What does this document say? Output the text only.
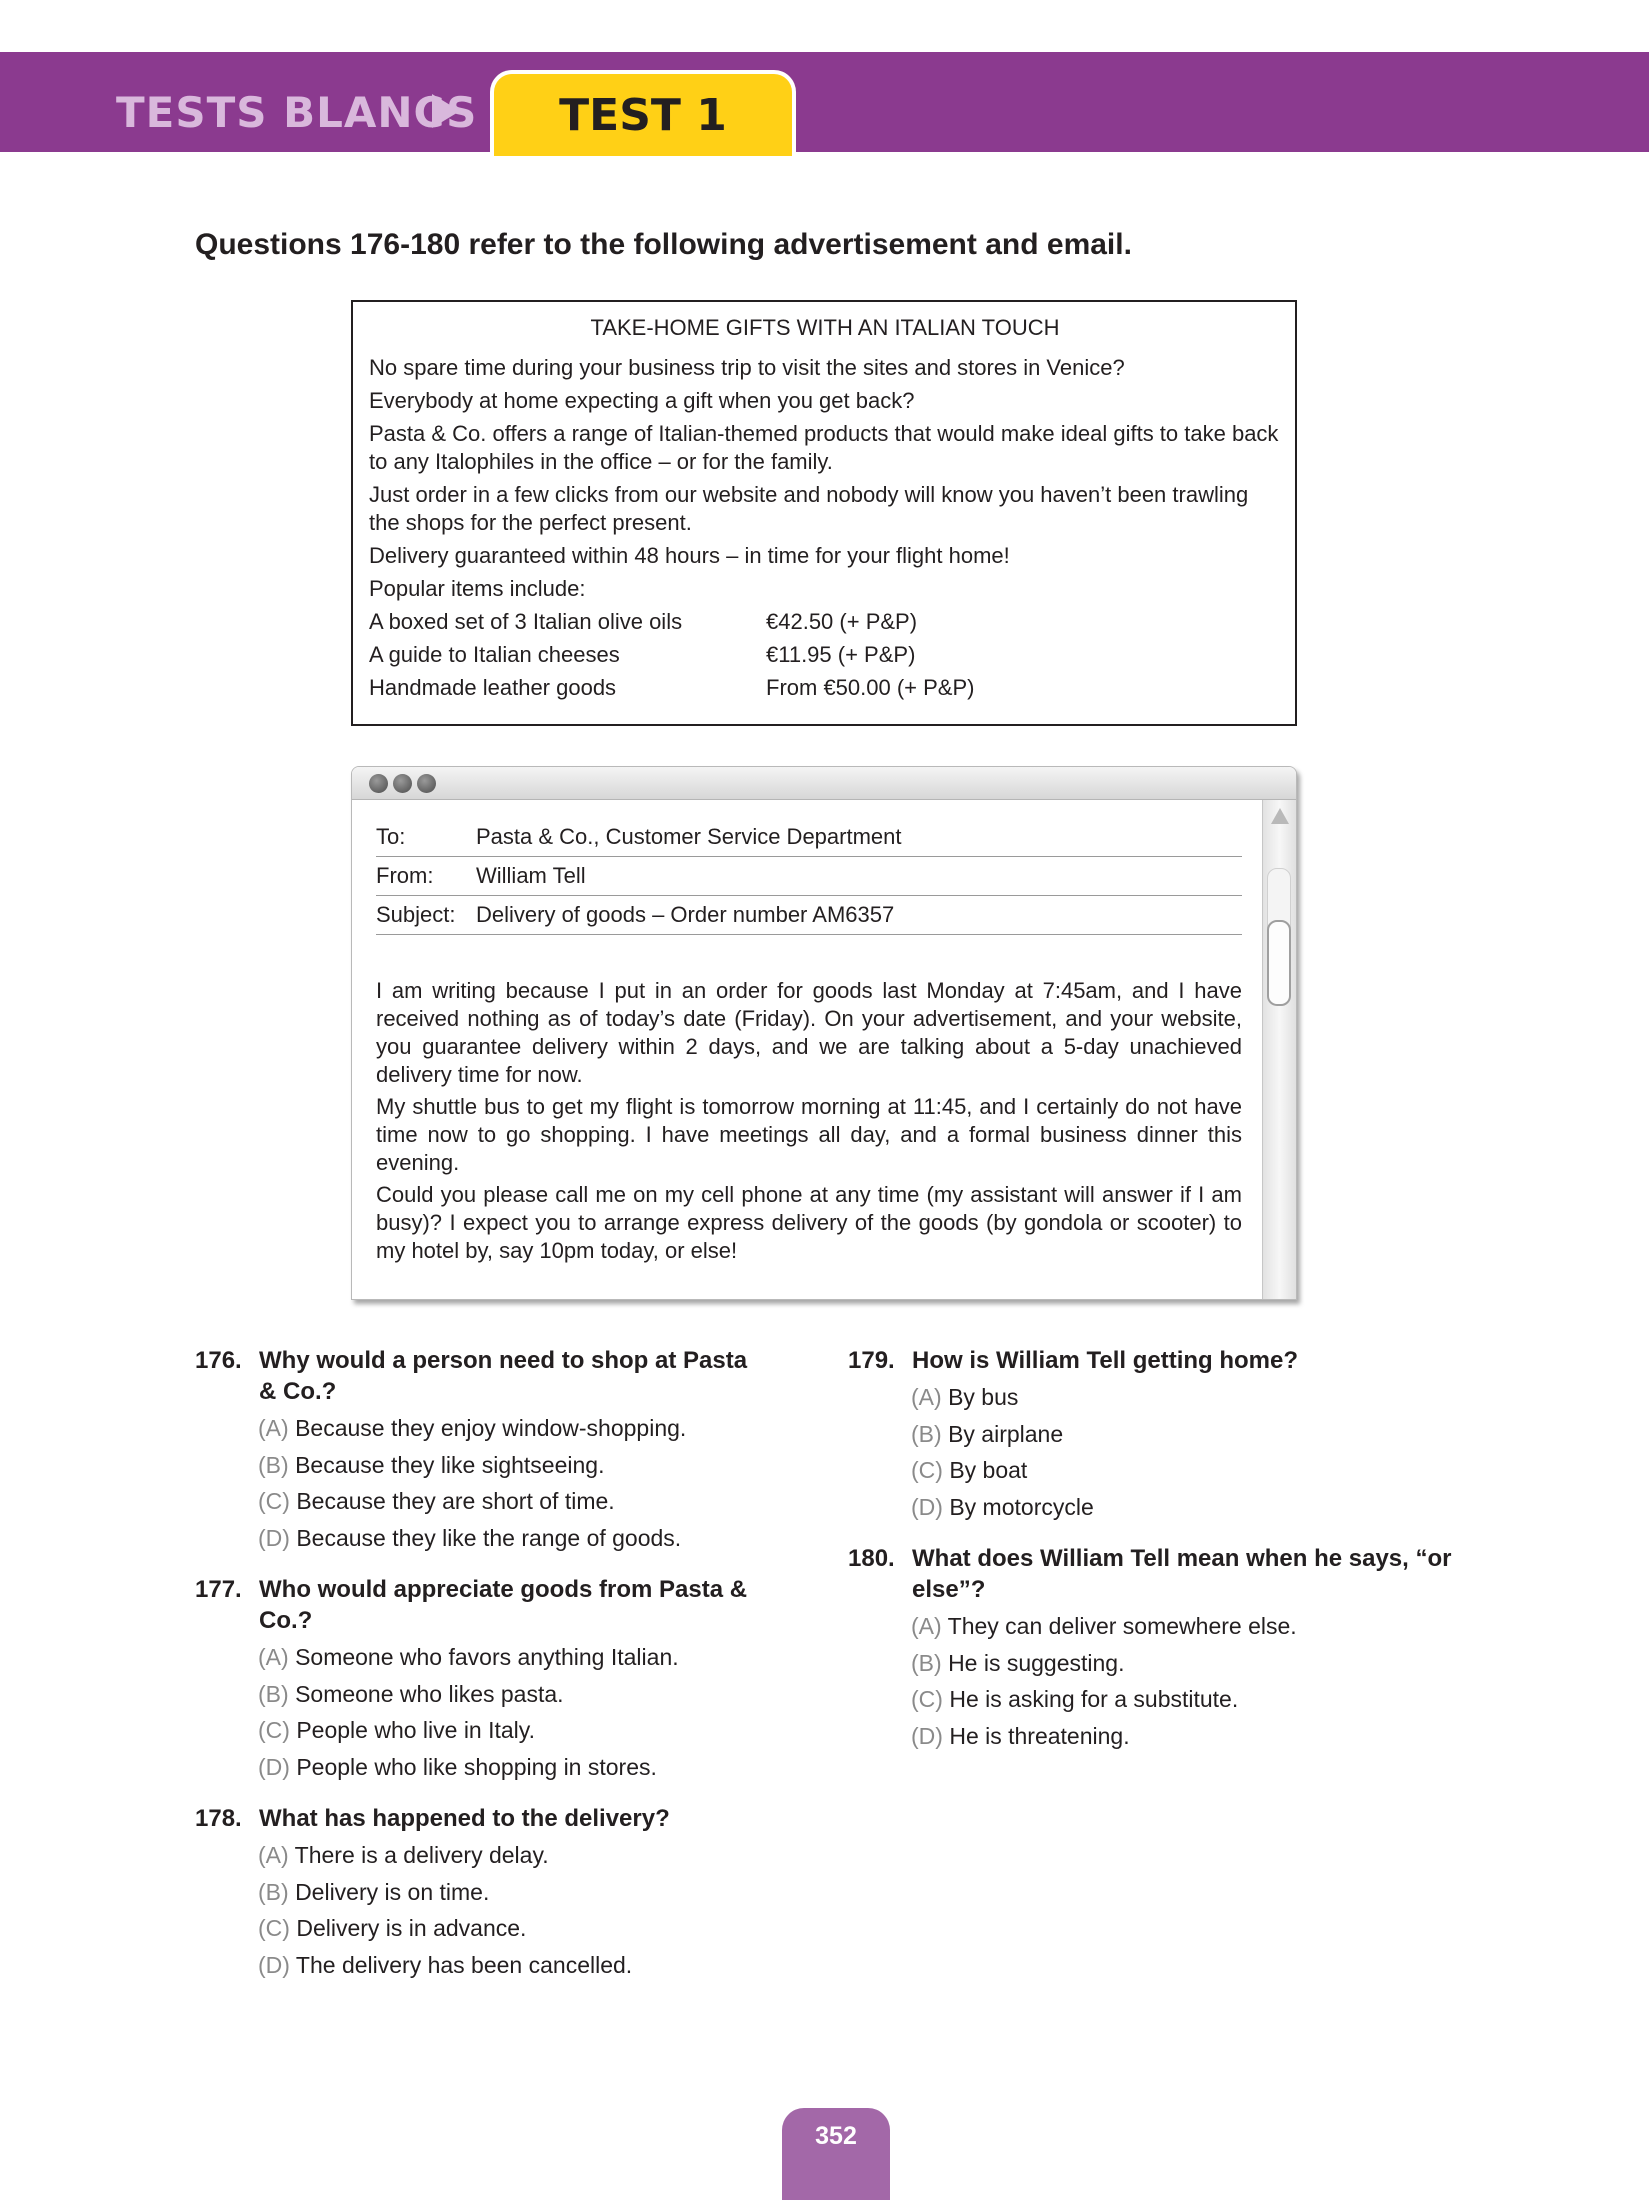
TESTS BLANCS	TEST 1
Questions 176-180 refer to the following advertisement and email.
TAKE-HOME GIFTS WITH AN ITALIAN TOUCH
No spare time during your business trip to visit the sites and stores in Venice?
Everybody at home expecting a gift when you get back?
Pasta & Co. offers a range of Italian-themed products that would make ideal gifts to take back to any Italophiles in the office – or for the family.
Just order in a few clicks from our website and nobody will know you haven’t been trawling the shops for the perfect present.
Delivery guaranteed within 48 hours – in time for your flight home!
Popular items include:
A boxed set of 3 Italian olive oils	€42.50 (+ P&P)
A guide to Italian cheeses	€11.95 (+ P&P)
Handmade leather goods	From €50.00 (+ P&P)
To:	Pasta & Co., Customer Service Department
From:	William Tell
Subject: Delivery of goods – Order number AM6357

I am writing because I put in an order for goods last Monday at 7:45am, and I have received nothing as of today’s date (Friday). On your advertisement, and your website, you guarantee delivery within 2 days, and we are talking about a 5-day unachieved delivery time for now.

My shuttle bus to get my flight is tomorrow morning at 11:45, and I certainly do not have time now to go shopping. I have meetings all day, and a formal business dinner this evening.

Could you please call me on my cell phone at any time (my assistant will answer if I am busy)? I expect you to arrange express delivery of the goods (by gondola or scooter) to my hotel by, say 10pm today, or else!

176. Why would a person need to shop at Pasta & Co.?
(A) Because they enjoy window-shopping.
(B) Because they like sightseeing.
(C) Because they are short of time.
(D) Because they like the range of goods.
177. Who would appreciate goods from Pasta & Co.?
(A) Someone who favors anything Italian.
(B) Someone who likes pasta.
(C) People who live in Italy.
(D) People who like shopping in stores.
178. What has happened to the delivery?
(A) There is a delivery delay.
(B) Delivery is on time.
(C) Delivery is in advance.
(D) The delivery has been cancelled.
179. How is William Tell getting home?
(A) By bus
(B) By airplane
(C) By boat
(D) By motorcycle
180. What does William Tell mean when he says, “or else”?
(A) They can deliver somewhere else.
(B) He is suggesting.
(C) He is asking for a substitute.
(D) He is threatening.
352
